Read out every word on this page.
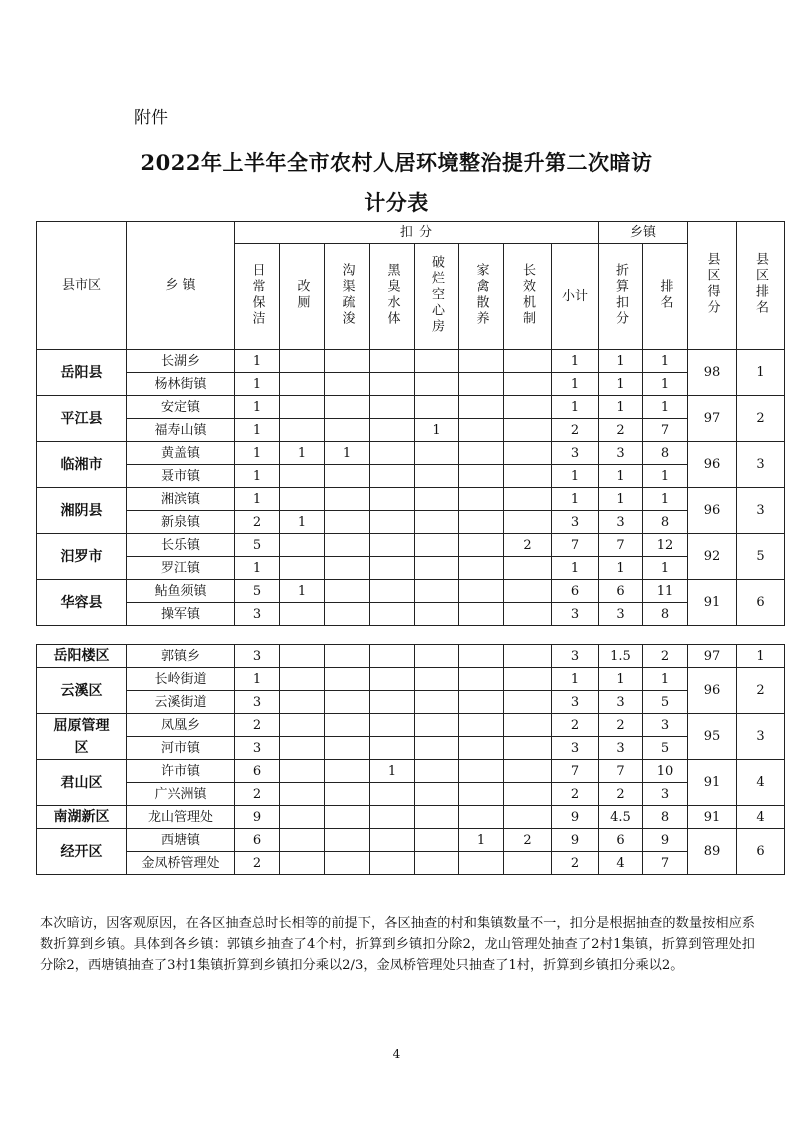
附件
2022年上半年全市农村人居环境整治提升第二次暗访
计分表
县市区	乡 镇	扣 分								乡镇		县区得分	县区排名
		日常保洁	改厕	沟渠疏浚	黑臭水体	破烂空心房	家禽散养	长效机制	小计	折算扣分	排名		
岳阳县	长湖乡	1							1	1	1	98	1
	杨林街镇	1							1	1	1		
平江县	安定镇	1							1	1	1	97	2
	福寿山镇	1				1			2	2	7		
临湘市	黄盖镇	1	1	1					3	3	8	96	3
	聂市镇	1							1	1	1		
湘阴县	湘滨镇	1							1	1	1	96	3
	新泉镇	2	1						3	3	8		
汨罗市	长乐镇	5						2	7	7	12	92	5
	罗江镇	1							1	1	1		
华容县	鲇鱼须镇	5	1						6	6	11	91	6
	操军镇	3							3	3	8		

岳阳楼区	郭镇乡	3							3	1.5	2	97	1
云溪区	长岭街道	1							1	1	1	96	2
	云溪街道	3							3	3	5		
屈原管理区	凤凰乡	2							2	2	3	95	3
	河市镇	3							3	3	5		
君山区	许市镇	6			1				7	7	10	91	4
	广兴洲镇	2							2	2	3		
南湖新区	龙山管理处	9							9	4.5	8	91	4
经开区	西塘镇	6					1	2	9	6	9	89	6
	金凤桥管理处	2							2	4	7		
本次暗访，因客观原因，在各区抽查总时长相等的前提下，各区抽查的村和集镇数量不一，扣分是根据抽查的数量按相应系数折算到乡镇。具体到各乡镇：郭镇乡抽查了4个村，折算到乡镇扣分除2，龙山管理处抽查了2村1集镇，折算到管理处扣分除2，西塘镇抽查了3村1集镇折算到乡镇扣分乘以2/3，金凤桥管理处只抽查了1村，折算到乡镇扣分乘以2。
4
